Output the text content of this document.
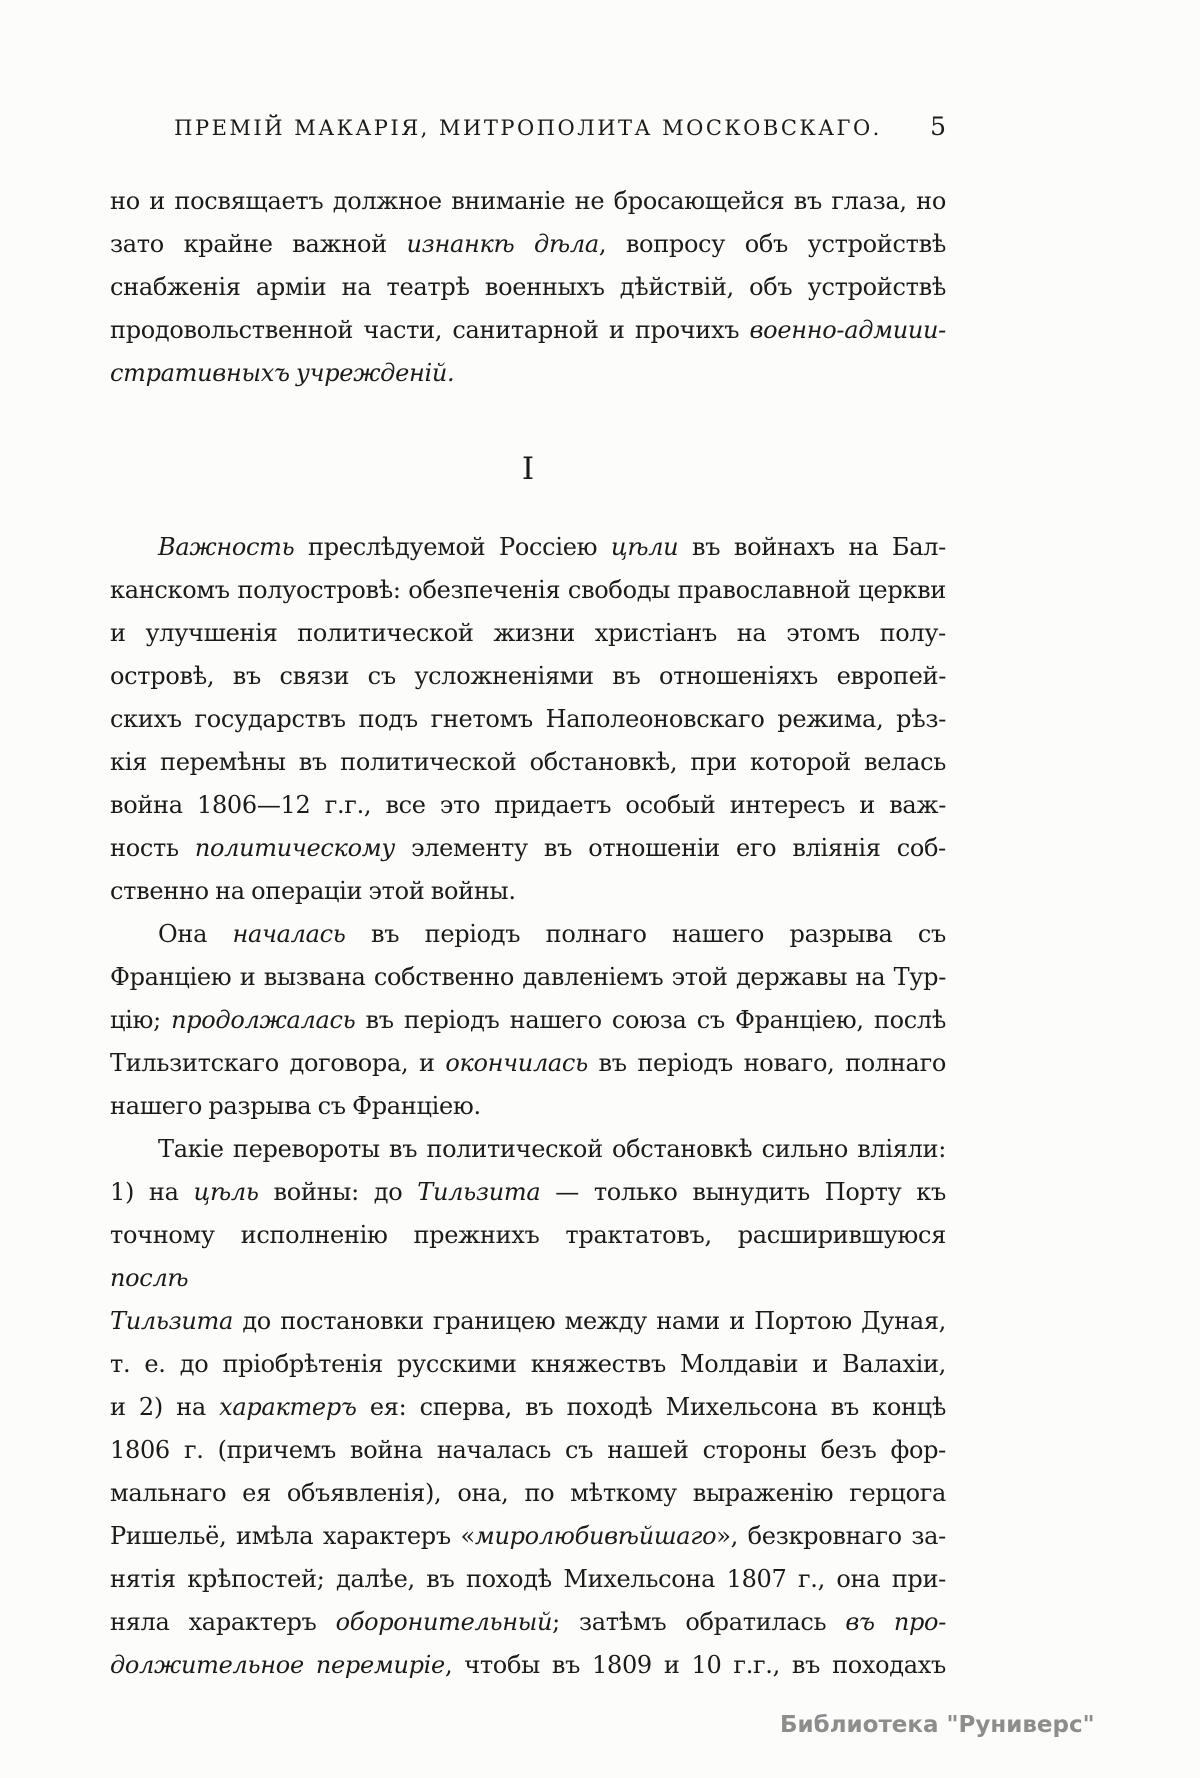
ПРЕМІЙ МАКАРІЯ, МИТРОПОЛИТА МОСКОВСКАГО.	5
но и посвящаетъ должное вниманіе не бросающейся въ глаза, но
зато крайне важной изнанкѣ дѣла, вопросу объ устройствѣ
снабженія арміи на театрѣ военныхъ дѣйствій, объ устройствѣ
продовольственной части, санитарной и прочихъ военно-адмиии-
стративныхъ учрежденій.
I
Важность преслѣдуемой Россіею цѣли въ войнахъ на Бал-
канскомъ полуостровѣ: обезпеченія свободы православной церкви
и улучшенія политической жизни христіанъ на этомъ полу-
островѣ, въ связи съ усложненіями въ отношеніяхъ европей-
скихъ государствъ подъ гнетомъ Наполеоновскаго режима, рѣз-
кія перемѣны въ политической обстановкѣ, при которой велась
война 1806—12 г.г., все это придаетъ особый интересъ и важ-
ность политическому элементу въ отношеніи его вліянія соб-
ственно на операціи этой войны.
Она началась въ періодъ полнаго нашего разрыва съ
Франціею и вызвана собственно давленіемъ этой державы на Тур-
цію; продолжалась въ періодъ нашего союза съ Франціею, послѣ
Тильзитскаго договора, и окончилась въ періодъ новаго, полнаго
нашего разрыва съ Франціею.
Такіе перевороты въ политической обстановкѣ сильно вліяли:
1) на цѣль войны: до Тильзита — только вынудить Порту къ
точному исполненію прежнихъ трактатовъ, расширившуюся послѣ
Тильзита до постановки границею между нами и Портою Дуная,
т. е. до пріобрѣтенія русскими княжествъ Молдавіи и Валахіи,
и 2) на характеръ ея: сперва, въ походѣ Михельсона въ концѣ
1806 г. (причемъ война началась съ нашей стороны безъ фор-
мальнаго ея объявленія), она, по мѣткому выраженію герцога
Ришельё, имѣла характеръ «миролюбивѣйшаго», безкровнаго за-
нятія крѣпостей; далѣе, въ походѣ Михельсона 1807 г., она при-
няла характеръ оборонительный; затѣмъ обратилась въ про-
должительное перемиріе, чтобы въ 1809 и 10 г.г., въ походахъ
Библиотека "Руниверс"
